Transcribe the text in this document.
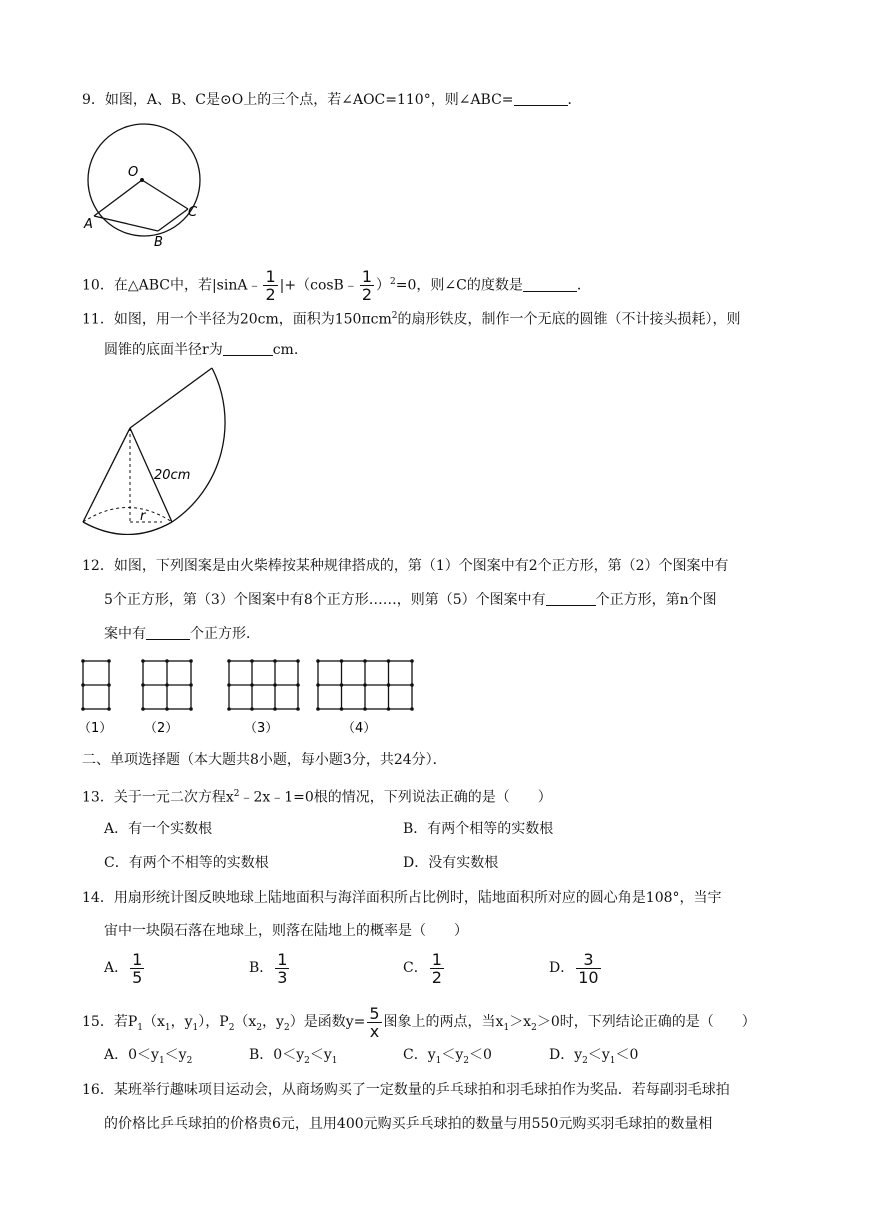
9．如图，A、B、C是⊙O上的三个点，若∠AOC=110°，则∠ABC=	．
O
A
B
C
10．在△ABC中，若|sinA﹣ $\frac{1}{2}$ |+（cosB﹣ $\frac{1}{2} )^2=0$，则∠C的度数是	．
11．如图，用一个半径为20cm，面积为150πcm$^2$的扇形铁皮，制作一个无底的圆锥（不计接头损耗），则
圆锥的底面半径r为	cm.
20cm
r
12．如图，下列图案是由火柴棒按某种规律搭成的，第（1）个图案中有2个正方形，第（2）个图案中有
5个正方形，第（3）个图案中有8个正方形……，则第（5）个图案中有	个正方形，第n个图
案中有	个正方形．
（1） （2）	（3）	（4）
二、单项选择题（本大题共8小题，每小题3分，共24分）．
13．关于一元二次方程$x^2﹣2x﹣1=0$根的情况，下列说法正确的是（　　）
A．有一个实数根	B．有两个相等的实数根
C．有两个不相等的实数根	D．没有实数根
14．用扇形统计图反映地球上陆地面积与海洋面积所占比例时，陆地面积所对应的圆心角是108°，当宇
宙中一块陨石落在地球上，则落在陆地上的概率是（　　）
A． $\frac{1}{5}$	B． $\frac{1}{3}$	C． $\frac{1}{2}$	D． $\frac{3}{10}$
15．若$P_1(x_1$，$y_1$），$P_2(x_2$，$y_2$）是函数$y= \frac{5}{x}$ 图象上的两点，当$x_1>x_2>0$时，下列结论正确的是（　　）
A．$0<y_1<y_2$	B．$0<y_2<y_1$	C．$y_1<y_2<0$	D．$y_2<y_1<0$
16．某班举行趣味项目运动会，从商场购买了一定数量的乒乓球拍和羽毛球拍作为奖品．若每副羽毛球拍
的价格比乒乓球拍的价格贵6元，且用400元购买乒乓球拍的数量与用550元购买羽毛球拍的数量相
